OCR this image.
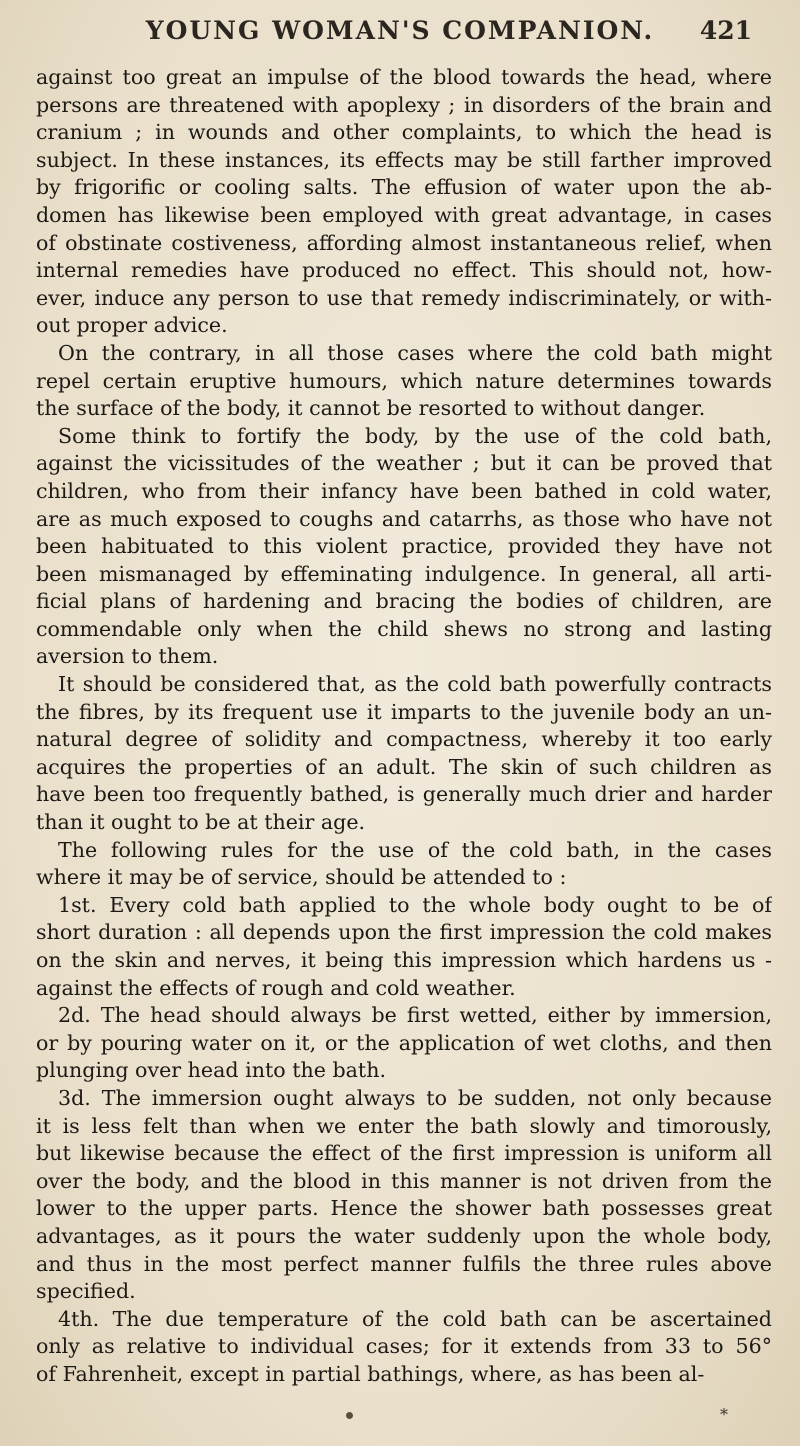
YOUNG WOMAN'S COMPANION.	421
against too great an impulse of the blood towards the head, where
persons are threatened with apoplexy ; in disorders of the brain and
cranium ; in wounds and other complaints, to which the head is
subject. In these instances, its effects may be still farther improved
by frigorific or cooling salts. The effusion of water upon the ab-
domen has likewise been employed with great advantage, in cases
of obstinate costiveness, affording almost instantaneous relief, when
internal remedies have produced no effect. This should not, how-
ever, induce any person to use that remedy indiscriminately, or with-
out proper advice.
On the contrary, in all those cases where the cold bath might
repel certain eruptive humours, which nature determines towards
the surface of the body, it cannot be resorted to without danger.
Some think to fortify the body, by the use of the cold bath,
against the vicissitudes of the weather ; but it can be proved that
children, who from their infancy have been bathed in cold water,
are as much exposed to coughs and catarrhs, as those who have not
been habituated to this violent practice, provided they have not
been mismanaged by effeminating indulgence. In general, all arti-
ficial plans of hardening and bracing the bodies of children, are
commendable only when the child shews no strong and lasting
aversion to them.
It should be considered that, as the cold bath powerfully contracts
the fibres, by its frequent use it imparts to the juvenile body an un-
natural degree of solidity and compactness, whereby it too early
acquires the properties of an adult. The skin of such children as
have been too frequently bathed, is generally much drier and harder
than it ought to be at their age.
The following rules for the use of the cold bath, in the cases
where it may be of service, should be attended to :
1st. Every cold bath applied to the whole body ought to be of
short duration : all depends upon the first impression the cold makes
on the skin and nerves, it being this impression which hardens us -
against the effects of rough and cold weather.
2d. The head should always be first wetted, either by immersion,
or by pouring water on it, or the application of wet cloths, and then
plunging over head into the bath.
3d. The immersion ought always to be sudden, not only because
it is less felt than when we enter the bath slowly and timorously,
but likewise because the effect of the first impression is uniform all
over the body, and the blood in this manner is not driven from the
lower to the upper parts. Hence the shower bath possesses great
advantages, as it pours the water suddenly upon the whole body,
and thus in the most perfect manner fulfils the three rules above
specified.
4th. The due temperature of the cold bath can be ascertained
only as relative to individual cases; for it extends from 33 to 56°
of Fahrenheit, except in partial bathings, where, as has been al-
*
